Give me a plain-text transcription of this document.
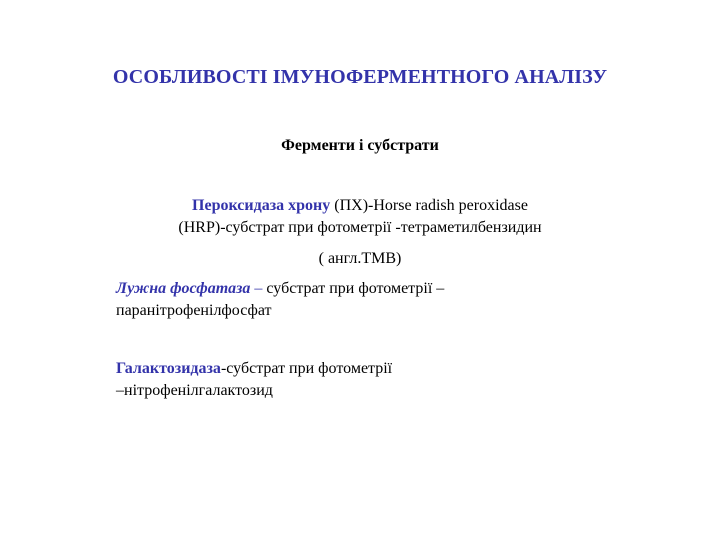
ОСОБЛИВОСТІ ІМУНОФЕРМЕНТНОГО АНАЛІЗУ
Ферменти і субстрати
Пероксидаза хрону (ПХ)-Horse radish peroxidase
(HRP)-субстрат при фотометрії -тетраметилбензидин
( англ.TMB)
Лужна фосфатаза – субстрат при фотометрії –
паранітрофенілфосфат
Галактозидаза-субстрат при фотометрії
–нітрофенілгалактозид
